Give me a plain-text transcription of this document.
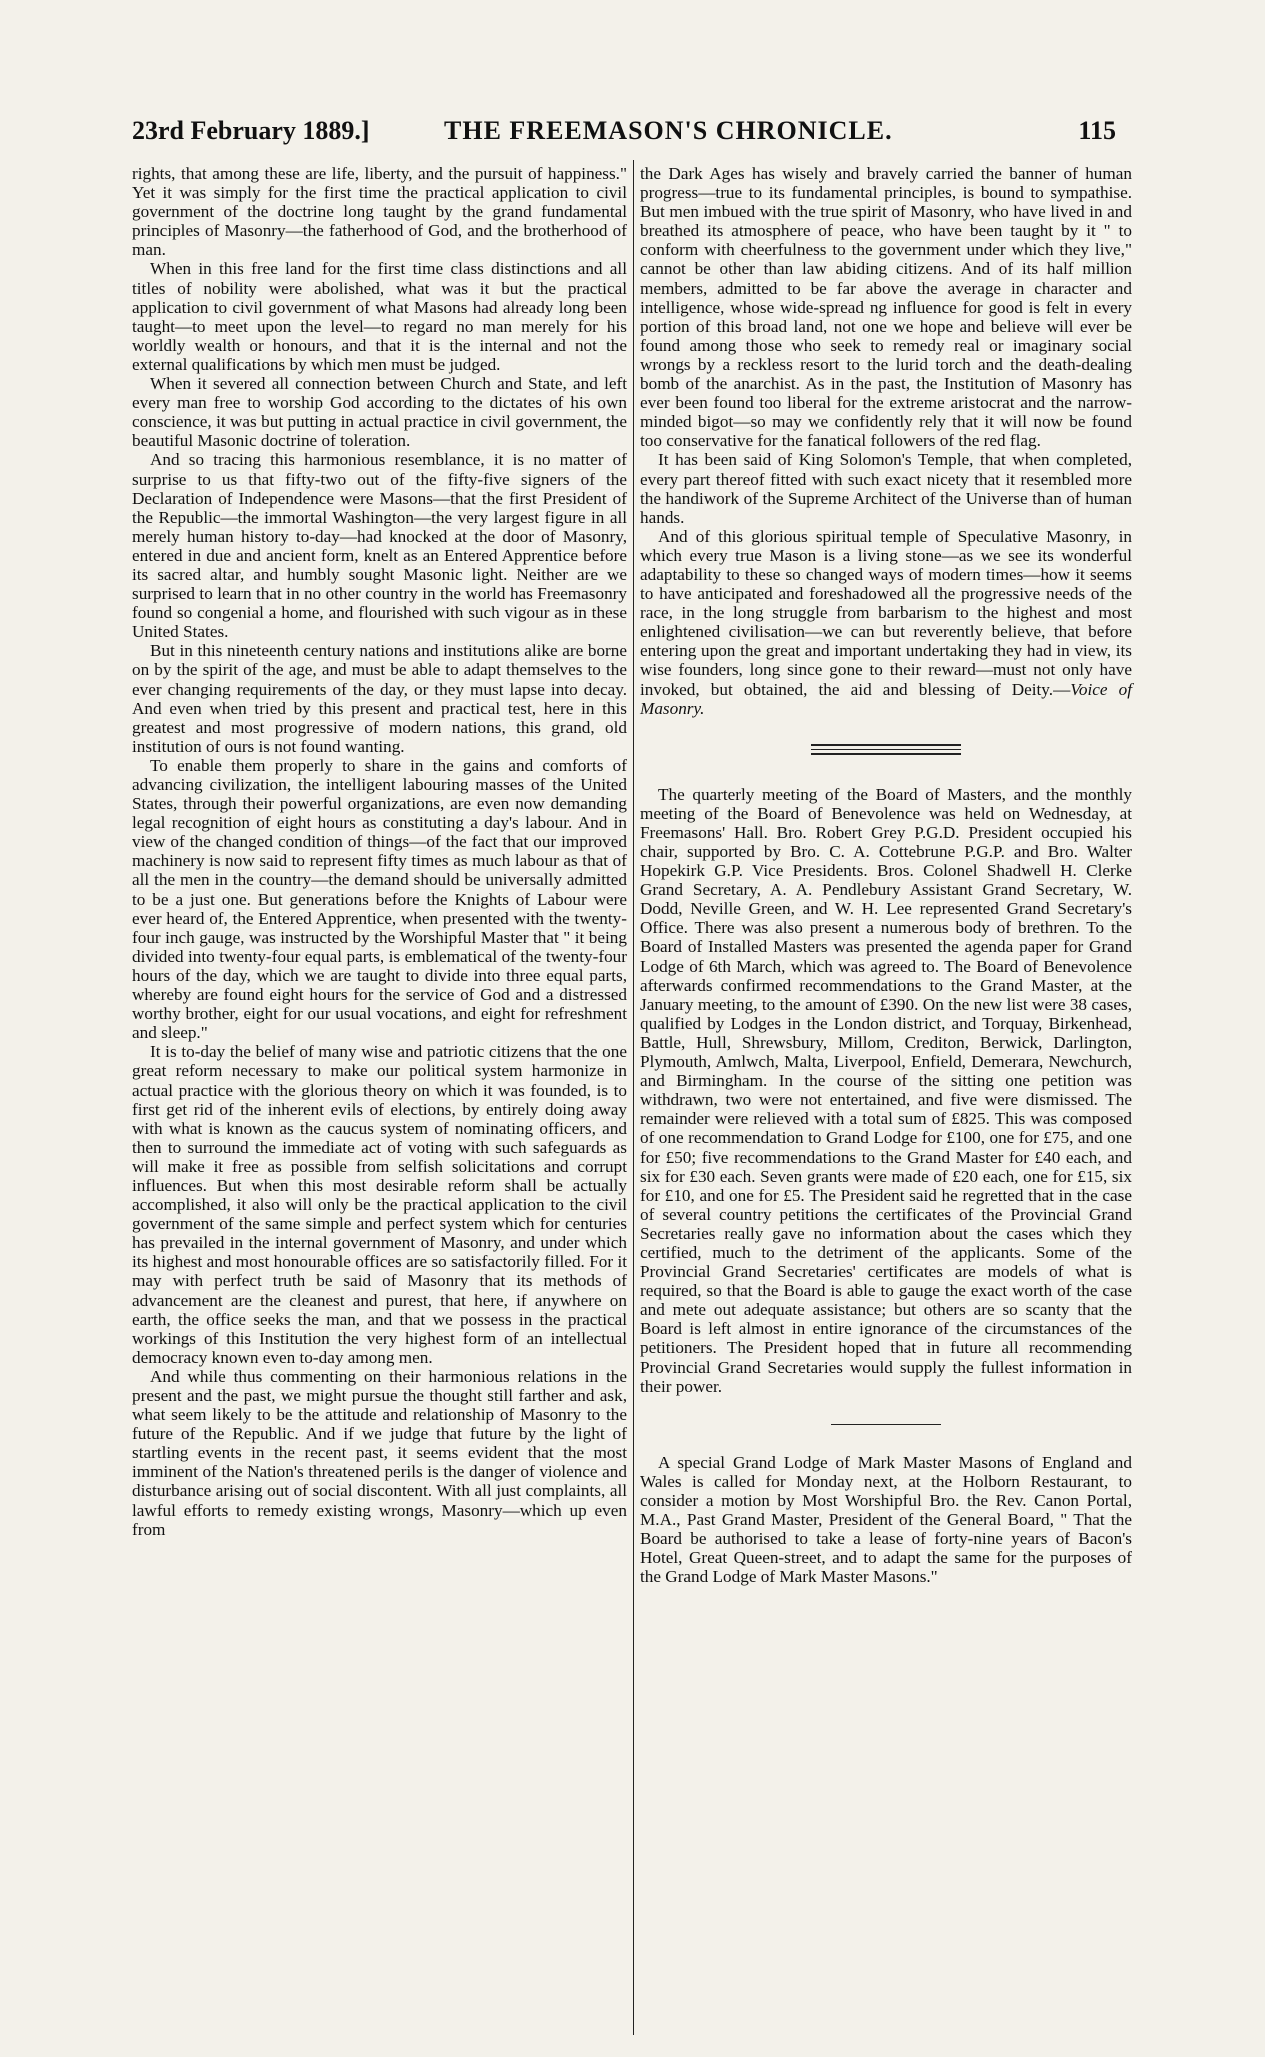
23rd February 1889.]	THE FREEMASON'S CHRONICLE.	115

rights, that among these are life, liberty, and the pursuit of happiness." Yet it was simply for the first time the practical application to civil government of the doctrine long taught by the grand fundamental principles of Masonry—the fatherhood of God, and the brotherhood of man.

When in this free land for the first time class distinctions and all titles of nobility were abolished, what was it but the practical application to civil government of what Masons had already long been taught—to meet upon the level—to regard no man merely for his worldly wealth or honours, and that it is the internal and not the external qualifications by which men must be judged.

When it severed all connection between Church and State, and left every man free to worship God according to the dictates of his own conscience, it was but putting in actual practice in civil government, the beautiful Masonic doctrine of toleration.

And so tracing this harmonious resemblance, it is no matter of surprise to us that fifty-two out of the fifty-five signers of the Declaration of Independence were Masons—that the first President of the Republic—the immortal Washington—the very largest figure in all merely human history to-day—had knocked at the door of Masonry, entered in due and ancient form, knelt as an Entered Apprentice before its sacred altar, and humbly sought Masonic light. Neither are we surprised to learn that in no other country in the world has Freemasonry found so congenial a home, and flourished with such vigour as in these United States.

But in this nineteenth century nations and institutions alike are borne on by the spirit of the age, and must be able to adapt themselves to the ever changing requirements of the day, or they must lapse into decay. And even when tried by this present and practical test, here in this greatest and most progressive of modern nations, this grand, old institution of ours is not found wanting.

To enable them properly to share in the gains and comforts of advancing civilization, the intelligent labouring masses of the United States, through their powerful organizations, are even now demanding legal recognition of eight hours as constituting a day's labour. And in view of the changed condition of things—of the fact that our improved machinery is now said to represent fifty times as much labour as that of all the men in the country—the demand should be universally admitted to be a just one. But generations before the Knights of Labour were ever heard of, the Entered Apprentice, when presented with the twenty-four inch gauge, was instructed by the Worshipful Master that " it being divided into twenty-four equal parts, is emblematical of the twenty-four hours of the day, which we are taught to divide into three equal parts, whereby are found eight hours for the service of God and a distressed worthy brother, eight for our usual vocations, and eight for refreshment and sleep."

It is to-day the belief of many wise and patriotic citizens that the one great reform necessary to make our political system harmonize in actual practice with the glorious theory on which it was founded, is to first get rid of the inherent evils of elections, by entirely doing away with what is known as the caucus system of nominating officers, and then to surround the immediate act of voting with such safeguards as will make it free as possible from selfish solicitations and corrupt influences. But when this most desirable reform shall be actually accomplished, it also will only be the practical application to the civil government of the same simple and perfect system which for centuries has prevailed in the internal government of Masonry, and under which its highest and most honourable offices are so satisfactorily filled. For it may with perfect truth be said of Masonry that its methods of advancement are the cleanest and purest, that here, if anywhere on earth, the office seeks the man, and that we possess in the practical workings of this Institution the very highest form of an intellectual democracy known even to-day among men.

And while thus commenting on their harmonious relations in the present and the past, we might pursue the thought still farther and ask, what seem likely to be the attitude and relationship of Masonry to the future of the Republic. And if we judge that future by the light of startling events in the recent past, it seems evident that the most imminent of the Nation's threatened perils is the danger of violence and disturbance arising out of social discontent. With all just complaints, all lawful efforts to remedy existing wrongs, Masonry—which up even from

the Dark Ages has wisely and bravely carried the banner of human progress—true to its fundamental principles, is bound to sympathise. But men imbued with the true spirit of Masonry, who have lived in and breathed its atmosphere of peace, who have been taught by it " to conform with cheerfulness to the government under which they live," cannot be other than law abiding citizens. And of its half million members, admitted to be far above the average in character and intelligence, whose wide-spread ng influence for good is felt in every portion of this broad land, not one we hope and believe will ever be found among those who seek to remedy real or imaginary social wrongs by a reckless resort to the lurid torch and the death-dealing bomb of the anarchist. As in the past, the Institution of Masonry has ever been found too liberal for the extreme aristocrat and the narrow-minded bigot—so may we confidently rely that it will now be found too conservative for the fanatical followers of the red flag.

It has been said of King Solomon's Temple, that when completed, every part thereof fitted with such exact nicety that it resembled more the handiwork of the Supreme Architect of the Universe than of human hands.

And of this glorious spiritual temple of Speculative Masonry, in which every true Mason is a living stone—as we see its wonderful adaptability to these so changed ways of modern times—how it seems to have anticipated and foreshadowed all the progressive needs of the race, in the long struggle from barbarism to the highest and most enlightened civilisation—we can but reverently believe, that before entering upon the great and important undertaking they had in view, its wise founders, long since gone to their reward—must not only have invoked, but obtained, the aid and blessing of Deity.—Voice of Masonry.

The quarterly meeting of the Board of Masters, and the monthly meeting of the Board of Benevolence was held on Wednesday, at Freemasons' Hall. Bro. Robert Grey P.G.D. President occupied his chair, supported by Bro. C. A. Cottebrune P.G.P. and Bro. Walter Hopekirk G.P. Vice Presidents. Bros. Colonel Shadwell H. Clerke Grand Secretary, A. A. Pendlebury Assistant Grand Secretary, W. Dodd, Neville Green, and W. H. Lee represented Grand Secretary's Office. There was also present a numerous body of brethren. To the Board of Installed Masters was presented the agenda paper for Grand Lodge of 6th March, which was agreed to. The Board of Benevolence afterwards confirmed recommendations to the Grand Master, at the January meeting, to the amount of £390. On the new list were 38 cases, qualified by Lodges in the London district, and Torquay, Birkenhead, Battle, Hull, Shrewsbury, Millom, Crediton, Berwick, Darlington, Plymouth, Amlwch, Malta, Liverpool, Enfield, Demerara, Newchurch, and Birmingham. In the course of the sitting one petition was withdrawn, two were not entertained, and five were dismissed. The remainder were relieved with a total sum of £825. This was composed of one recommendation to Grand Lodge for £100, one for £75, and one for £50; five recommendations to the Grand Master for £40 each, and six for £30 each. Seven grants were made of £20 each, one for £15, six for £10, and one for £5. The President said he regretted that in the case of several country petitions the certificates of the Provincial Grand Secretaries really gave no information about the cases which they certified, much to the detriment of the applicants. Some of the Provincial Grand Secretaries' certificates are models of what is required, so that the Board is able to gauge the exact worth of the case and mete out adequate assistance; but others are so scanty that the Board is left almost in entire ignorance of the circumstances of the petitioners. The President hoped that in future all recommending Provincial Grand Secretaries would supply the fullest information in their power.

A special Grand Lodge of Mark Master Masons of England and Wales is called for Monday next, at the Holborn Restaurant, to consider a motion by Most Worshipful Bro. the Rev. Canon Portal, M.A., Past Grand Master, President of the General Board, " That the Board be authorised to take a lease of forty-nine years of Bacon's Hotel, Great Queen-street, and to adapt the same for the purposes of the Grand Lodge of Mark Master Masons."
